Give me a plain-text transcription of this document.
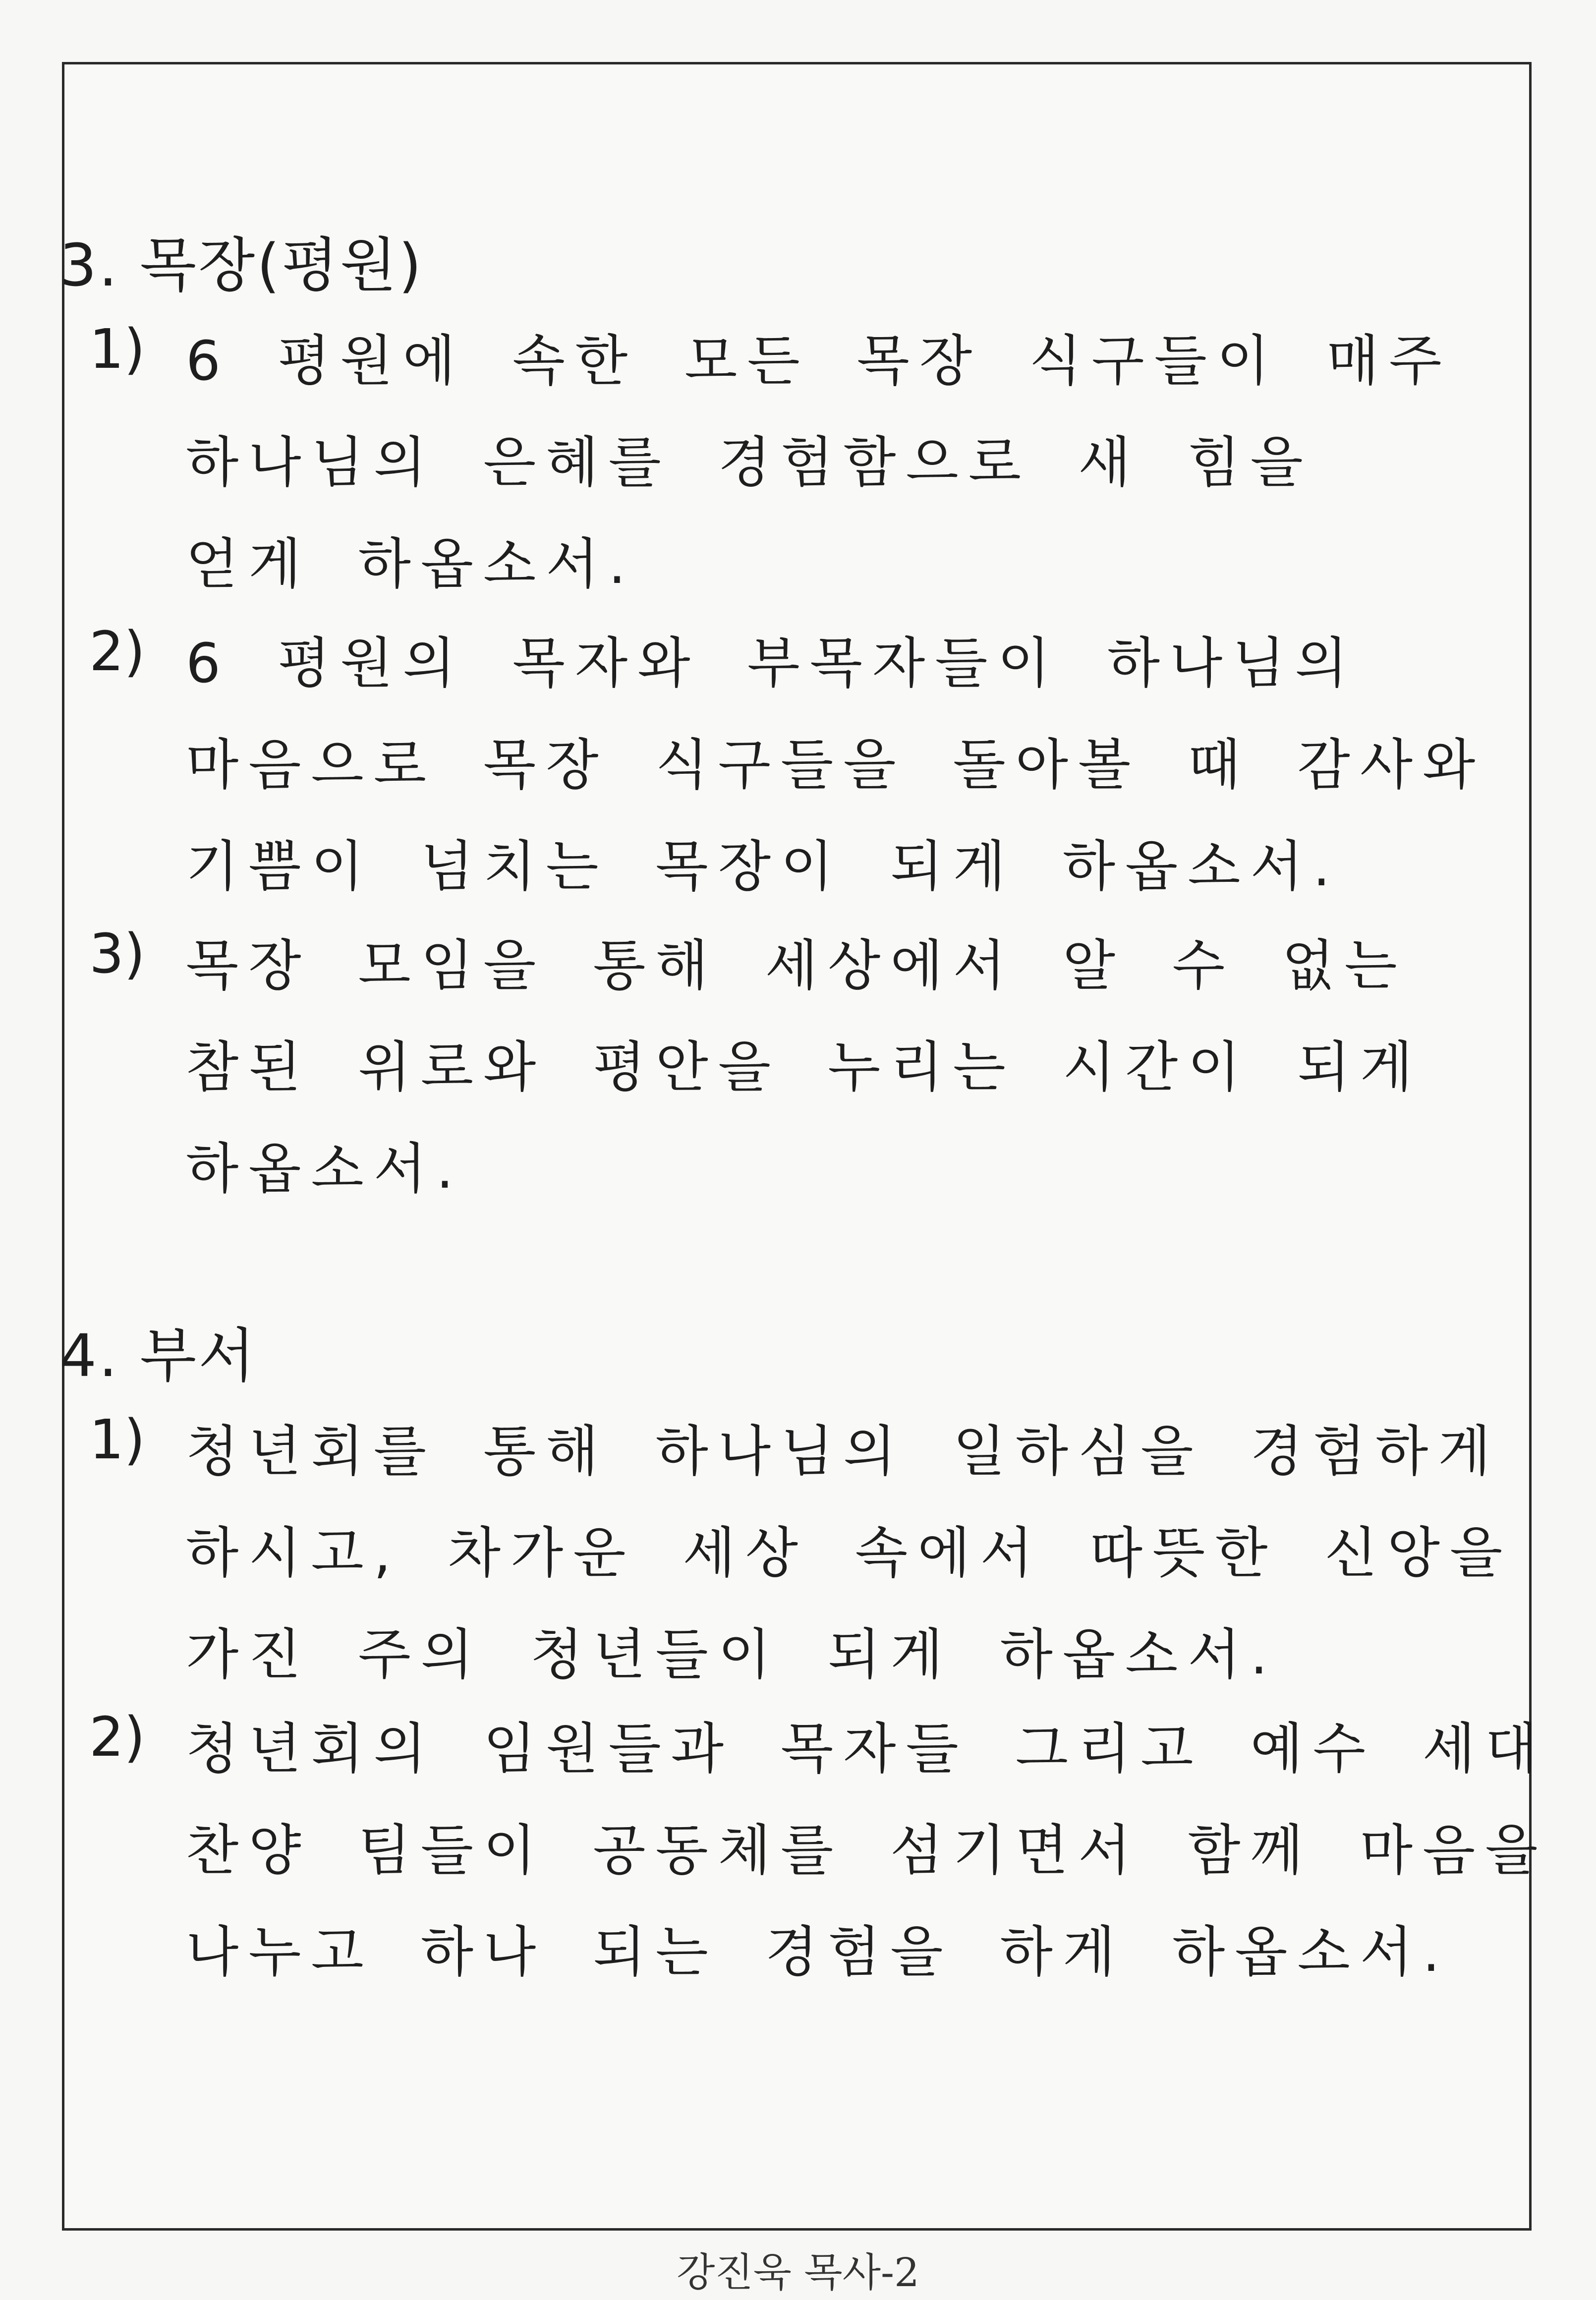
3. 목장(평원)
1) 6 평원에 속한 모든 목장 식구들이 매주
하나님의 은혜를 경험함으로 새 힘을
얻게 하옵소서.
2) 6 평원의 목자와 부목자들이 하나님의
마음으로 목장 식구들을 돌아볼 때 감사와
기쁨이 넘치는 목장이 되게 하옵소서.
3) 목장 모임을 통해 세상에서 알 수 없는
참된 위로와 평안을 누리는 시간이 되게
하옵소서.
4. 부서
1) 청년회를 통해 하나님의 일하심을 경험하게
하시고, 차가운 세상 속에서 따뜻한 신앙을
가진 주의 청년들이 되게 하옵소서.
2) 청년회의 임원들과 목자들 그리고 예수 세대
찬양 팀들이 공동체를 섬기면서 함께 마음을
나누고 하나 되는 경험을 하게 하옵소서.
강진욱 목사-2
